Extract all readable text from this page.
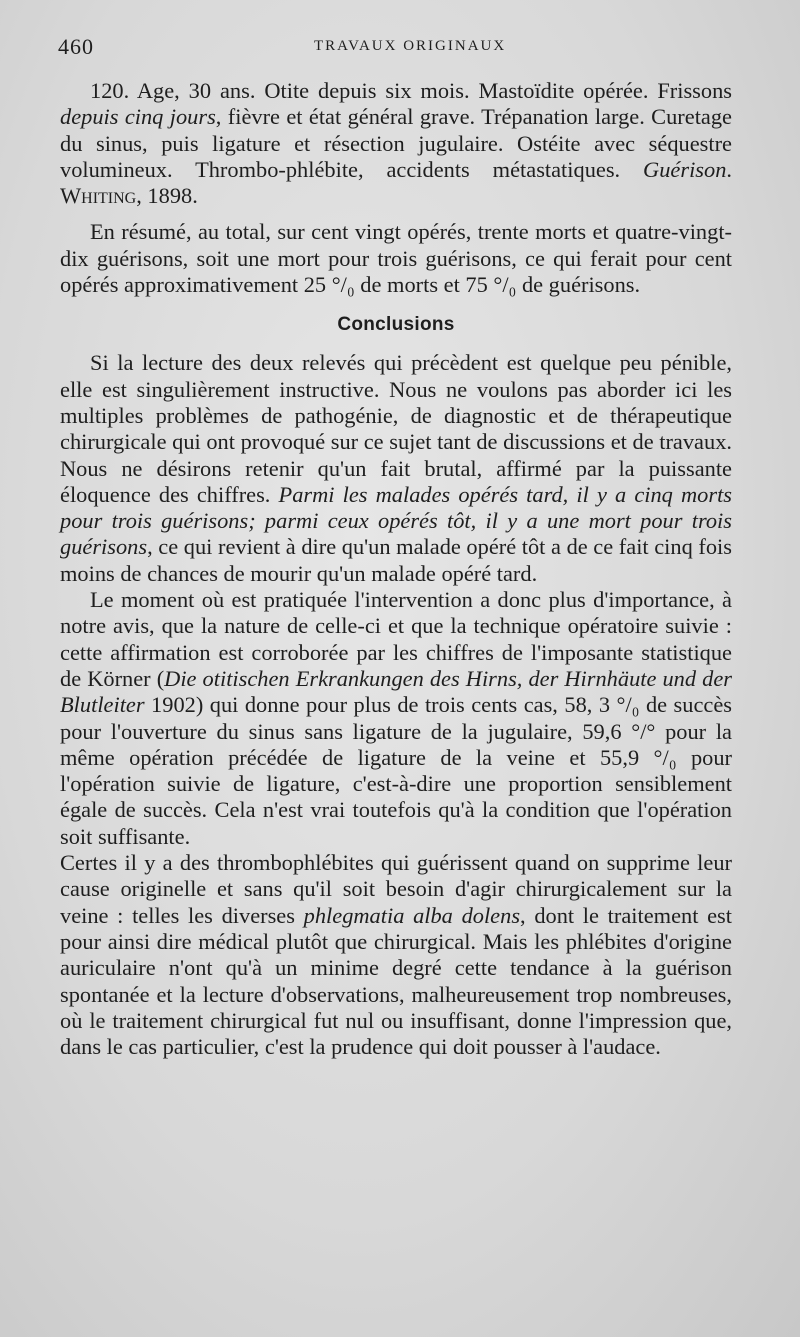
460	TRAVAUX ORIGINAUX

120. Age, 30 ans. Otite depuis six mois. Mastoïdite opérée. Frissons depuis cinq jours, fièvre et état général grave. Trépanation large. Curetage du sinus, puis ligature et résection jugulaire. Ostéite avec séquestre volumineux. Thrombo-phlébite, accidents métastatiques. Guérison. Whiting, 1898.

En résumé, au total, sur cent vingt opérés, trente morts et quatre-vingt-dix guérisons, soit une mort pour trois guérisons, ce qui ferait pour cent opérés approximativement 25 °/₀ de morts et 75 °/₀ de guérisons.

Conclusions

Si la lecture des deux relevés qui précèdent est quelque peu pénible, elle est singulièrement instructive. Nous ne voulons pas aborder ici les multiples problèmes de pathogénie, de diagnostic et de thérapeutique chirurgicale qui ont provoqué sur ce sujet tant de discussions et de travaux. Nous ne désirons retenir qu'un fait brutal, affirmé par la puissante éloquence des chiffres. Parmi les malades opérés tard, il y a cinq morts pour trois guérisons; parmi ceux opérés tôt, il y a une mort pour trois guérisons, ce qui revient à dire qu'un malade opéré tôt a de ce fait cinq fois moins de chances de mourir qu'un malade opéré tard.

Le moment où est pratiquée l'intervention a donc plus d'importance, à notre avis, que la nature de celle-ci et que la technique opératoire suivie : cette affirmation est corroborée par les chiffres de l'imposante statistique de Körner (Die otitischen Erkrankungen des Hirns, der Hirnhäute und der Blutleiter 1902) qui donne pour plus de trois cents cas, 58, 3 °/₀ de succès pour l'ouverture du sinus sans ligature de la jugulaire, 59,6 °/° pour la même opération précédée de ligature de la veine et 55,9 °/₀ pour l'opération suivie de ligature, c'est-à-dire une proportion sensiblement égale de succès. Cela n'est vrai toutefois qu'à la condition que l'opération soit suffisante.

Certes il y a des thrombophlébites qui guérissent quand on supprime leur cause originelle et sans qu'il soit besoin d'agir chirurgicalement sur la veine : telles les diverses phlegmatia alba dolens, dont le traitement est pour ainsi dire médical plutôt que chirurgical. Mais les phlébites d'origine auriculaire n'ont qu'à un minime degré cette tendance à la guérison spontanée et la lecture d'observations, malheureusement trop nombreuses, où le traitement chirurgical fut nul ou insuffisant, donne l'impression que, dans le cas particulier, c'est la prudence qui doit pousser à l'audace.
